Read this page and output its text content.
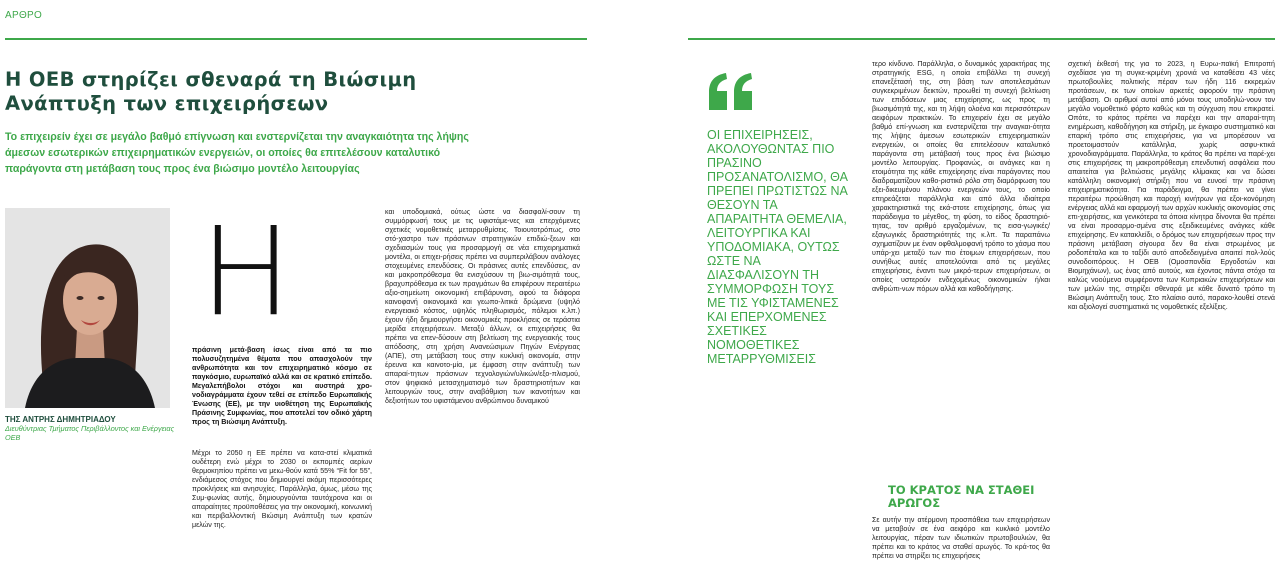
ΑΡΘΡΟ
Η ΟΕΒ στηρίζει σθεναρά τη Βιώσιμη Ανάπτυξη των επιχειρήσεων
Το επιχειρείν έχει σε μεγάλο βαθμό επίγνωση και ενστερνίζεται την αναγκαιότητα της λήψης άμεσων εσωτερικών επιχειρηματικών ενεργειών, οι οποίες θα επιτελέσουν καταλυτικό παράγοντα στη μετάβαση τους προς ένα βιώσιμο μοντέλο λειτουργίας
ΤΗΣ ΑΝΤΡΗΣ ΔΗΜΗΤΡΙΑΔΟΥ
Διευθύντριας Τμήματος Περιβάλλοντος και Ενέργειας ΟΕΒ
Η
πράσινη μετά-βαση ίσως είναι από τα πιο πολυσυζητημένα θέματα που απασχολούν την ανθρωπότητα και τον επιχειρηματικό κόσμο σε παγκόσμιο, ευρωπαϊκό αλλά και σε κρατικό επίπεδο. Μεγαλεπήβολοι στόχοι και αυστηρά χρο-νοδιαγράμματα έχουν τεθεί σε επίπεδο Ευρωπαϊκής Ένωσης (ΕΕ), με την υιοθέτηση της Ευρωπαϊκής Πράσινης Συμφωνίας, που αποτελεί τον οδικό χάρτη προς τη Βιώσιμη Ανάπτυξη.
Μέχρι το 2050 η ΕΕ πρέπει να κατα-στεί κλιματικά ουδέτερη ενώ μέχρι το 2030 οι εκπομπές αερίων θερμοκηπίου πρέπει να μειω-θούν κατά 55% “Fit for 55”, ενδιάμεσος στόχος που δημιουργεί ακόμη περισσότερες προκλήσεις και ανησυχίες. Παράλληλα, όμως, μέσω της Συμ-φωνίας αυτής, δημιουργούνται ταυτόχρονα και οι απαραίτητες προϋποθέσεις για την οικονομική, κοινωνική και περιβαλλοντική Βιώσιμη Ανάπτυξη των κρατών μελών της.
και υποδομιακά, ούτως ώστε να διασφαλί-σουν τη συμμόρφωσή τους με τις υφιστάμε-νες και επερχόμενες σχετικές νομοθετικές μεταρρυθμίσεις. Τοιουτοτρόπως, στο στό-χαστρο των πράσινων στρατηγικών επιδιώ-ξεων και σχεδιασμών τους για προσαρμογή σε νέα επιχειρηματικά μοντέλα, οι επιχει-ρήσεις πρέπει να συμπεριλάβουν ανάλογες στοχευμένες επενδύσεις. Οι πράσινες αυτές επενδύσεις, αν και μακροπρόθεσμα θα ενισχύσουν τη βιω-σιμότητά τους, βραχυπρόθεσμα εκ των πραγμάτων θα επιφέρουν περαιτέρω αξιο-σημείωτη οικονομική επιβάρυνση, αφού τα διάφορα καινοφανή οικονομικά και γεωπο-λιτικά δρώμενα (υψηλό ενεργειακό κόστος, υψηλός πληθωρισμός, πόλεμοι κ.λπ.) έχουν ήδη δημιουργήσει οικονομικές προκλήσεις σε τεράστια μερίδα επιχειρήσεων. Μεταξύ άλλων, οι επιχειρήσεις θα πρέπει να επεν-δύσουν στη βελτίωση της ενεργειακής τους απόδοσης, στη χρήση Ανανεώσιμων Πηγών Ενέργειας (ΑΠΕ), στη μετάβαση τους στην κυκλική οικονομία, στην έρευνα και καινοτο-μία, με έμφαση στην ανάπτυξη των απαραί-τητων πράσινων τεχνολογιών/υλικών/εξο-πλισμού, στον ψηφιακό μετασχηματισμό των δραστηριοτήτων και λειτουργιών τους, στην αναβάθμιση των ικανοτήτων και δεξιοτήτων του υφιστάμενου ανθρώπινου δυναμικού
ΟΙ ΕΠΙΧΕΙΡΗΣΕΙΣ, ΑΚΟΛΟΥΘΩΝΤΑΣ ΠΙΟ ΠΡΑΣΙΝΟ ΠΡΟΣΑΝΑΤΟΛΙΣΜΟ, ΘΑ ΠΡΕΠΕΙ ΠΡΩΤΙΣΤΩΣ ΝΑ ΘΕΣΟΥΝ ΤΑ ΑΠΑΡΑΙΤΗΤΑ ΘΕΜΕΛΙΑ, ΛΕΙΤΟΥΡΓΙΚΑ ΚΑΙ ΥΠΟΔΟΜΙΑΚΑ, ΟΥΤΩΣ ΩΣΤΕ ΝΑ ΔΙΑΣΦΑΛΙΣΟΥΝ ΤΗ ΣΥΜΜΟΡΦΩΣΗ ΤΟΥΣ ΜΕ ΤΙΣ ΥΦΙΣΤΑΜΕΝΕΣ ΚΑΙ ΕΠΕΡΧΟΜΕΝΕΣ ΣΧΕΤΙΚΕΣ ΝΟΜΟΘΕΤΙΚΕΣ ΜΕΤΑΡΡΥΘΜΙΣΕΙΣ
τερο κίνδυνο. Παράλληλα, ο δυναμικός χαρακτήρας της στρατηγικής ESG, η οποία επιβάλλει τη συνεχή επανεξέτασή της, στη βάση των αποτελεσμάτων συγκεκριμένων δεικτών, προωθεί τη συνεχή βελτίωση των επιδόσεων μιας επιχείρησης, ως προς τη βιωσιμότητά της, και τη λήψη ολοένα και περισσότερων αειφόρων πρακτικών. Το επιχειρείν έχει σε μεγάλο βαθμό επί-γνωση και ενστερνίζεται την αναγκαι-ότητα της λήψης άμεσων εσωτερικών επιχειρηματικών ενεργειών, οι οποίες θα επιτελέσουν καταλυτικό παράγοντα στη μετάβασή τους προς ένα βιώσιμο μοντέλο λειτουργίας. Προφανώς, οι ανάγκες και η ετοιμότητα της κάθε επιχείρησης είναι παράγοντες που διαδραματίζουν καθο-ριστικό ρόλο στη διαμόρφωση του εξει-δικευμένου πλάνου ενεργειών τους, το οποίο επηρεάζεται παράλληλα και από άλλα ιδιαίτερα χαρακτηριστικά της εκά-στοτε επιχείρησης, όπως για παράδειγμα το μέγεθος, τη φύση, το είδος δραστηριό-τητας, τον αριθμό εργαζομένων, τις εισα-γωγικές/εξαγωγικές δραστηριότητές της κ.λπ. Τα παραπάνω σχηματίζουν με έναν οφθαλμοφανή τρόπο το χάσμα που υπάρ-χει μεταξύ των πιο έτοιμων επιχειρήσεων, που συνήθως αυτές αποτελούνται από τις μεγάλες επιχειρήσεις, έναντι των μικρό-τερων επιχειρήσεων, οι οποίες υστερούν ενδεχομένως οικονομικών ή/και ανθρώπι-νων πόρων αλλά και καθοδήγησης.
ΤΟ ΚΡΑΤΟΣ ΝΑ ΣΤΑΘΕΙ ΑΡΩΓΟΣ
Σε αυτήν την ατέρμονη προσπάθεια των επιχειρήσεων να μεταβούν σε ένα αειφόρο και κυκλικό μοντέλο λειτουργίας, πέραν των ιδιωτικών πρωτοβουλιών, θα πρέπει και το κράτος να σταθεί αρωγός. Το κρά-τος θα πρέπει να στηρίξει τις επιχειρήσεις
σχετική έκθεσή της για το 2023, η Ευρω-παϊκή Επιτροπή σχεδίασε για τη συγκε-κριμένη χρονιά να καταθέσει 43 νέες πρωτοβουλίες πολιτικής πέραν των ήδη 116 εκκρεμών προτάσεων, εκ των οποίων αρκετές αφορούν την πράσινη μετάβαση. Οι αριθμοί αυτοί από μόνοι τους υποδηλώ-νουν τον μεγάλο νομοθετικό φόρτο καθώς και τη σύγχυση που επικρατεί. Οπότε, το κράτος πρέπει να παρέχει και την απαραί-τητη ενημέρωση, καθοδήγηση και στήριξη, με έγκαιρο συστηματικό και επαρκή τρόπο στις επιχειρήσεις, για να μπορέσουν να προετοιμαστούν κατάλληλα, χωρίς ασφυ-κτικά χρονοδιαγράμματα. Παράλληλα, το κράτος θα πρέπει να παρέ-χει στις επιχειρήσεις τη μακροπρόθεσμη επενδυτική ασφάλεια που απαιτείται για βελτιώσεις μεγάλης κλίμακας και να δώσει κατάλληλη οικονομική στήριξη που να ευνοεί την πράσινη επιχειρηματικότητα. Για παράδειγμα, θα πρέπει να γίνει περαιτέρω προώθηση και παροχή κινήτρων για εξοι-κονόμηση ενέργειας αλλά και εφαρμογή των αρχών κυκλικής οικονομίας στις επι-χειρήσεις, και γενικότερα τα όποια κίνητρα δίνονται θα πρέπει να είναι προσαρμο-σμένα στις εξειδικευμένες ανάγκες κάθε επιχείρησης. Εν κατακλείδι, ο δρόμος των επιχειρήσεων προς την πράσινη μετάβαση σίγουρα δεν θα είναι στρωμένος με ροδοπέταλα και το ταξίδι αυτό αποδεδειγμένα απαιτεί πολ-λούς συνοδοιπόρους. Η ΟΕΒ (Ομοσπονδία Εργοδοτών και Βιομηχάνων), ως ένας από αυτούς, και έχοντας πάντα στόχο τα καλώς νοούμενα συμφέροντα των Κυπριακών επιχειρήσεων και των μελών της, στηρίζει σθεναρά με κάθε δυνατό τρόπο τη Βιώσιμη Ανάπτυξη τους. Στο πλαίσιο αυτό, παρακο-λουθεί στενά και αξιολογεί συστηματικά τις νομοθετικές εξελίξεις.
